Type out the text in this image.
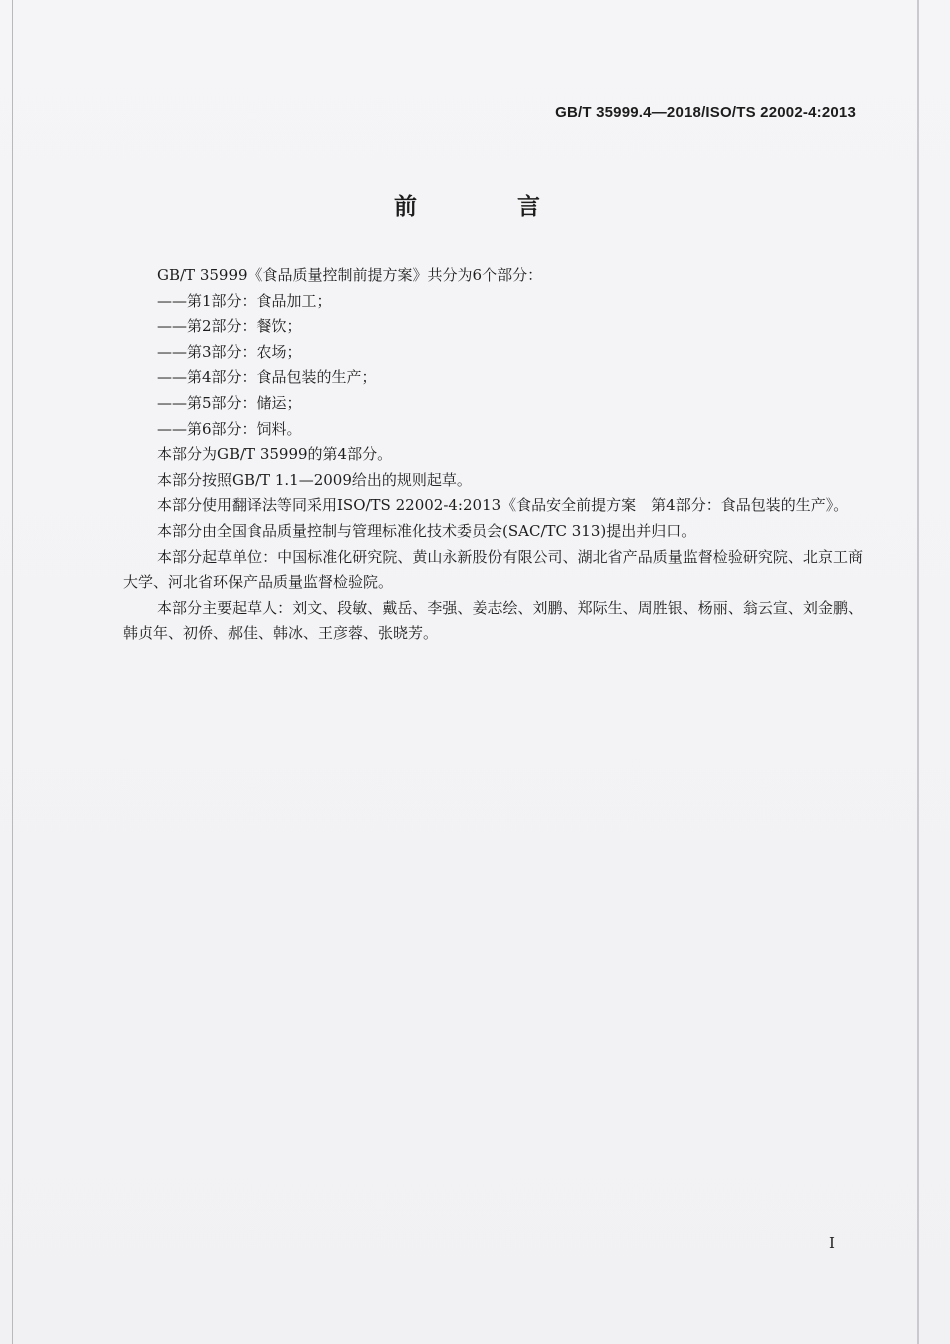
GB/T 35999.4—2018/ISO/TS 22002-4:2013
前 言

GB/T 35999《食品质量控制前提方案》共分为6个部分：

——第1部分：食品加工；

——第2部分：餐饮；

——第3部分：农场；

——第4部分：食品包装的生产；

——第5部分：储运；

——第6部分：饲料。

本部分为GB/T 35999的第4部分。

本部分按照GB/T 1.1—2009给出的规则起草。

本部分使用翻译法等同采用ISO/TS 22002-4:2013《食品安全前提方案　第4部分：食品包装的生产》。

本部分由全国食品质量控制与管理标准化技术委员会(SAC/TC 313)提出并归口。

本部分起草单位：中国标准化研究院、黄山永新股份有限公司、湖北省产品质量监督检验研究院、北京工商大学、河北省环保产品质量监督检验院。

本部分主要起草人：刘文、段敏、戴岳、李强、姜志绘、刘鹏、郑际生、周胜银、杨丽、翁云宣、刘金鹏、韩贞年、初侨、郝佳、韩冰、王彦蓉、张晓芳。

I
